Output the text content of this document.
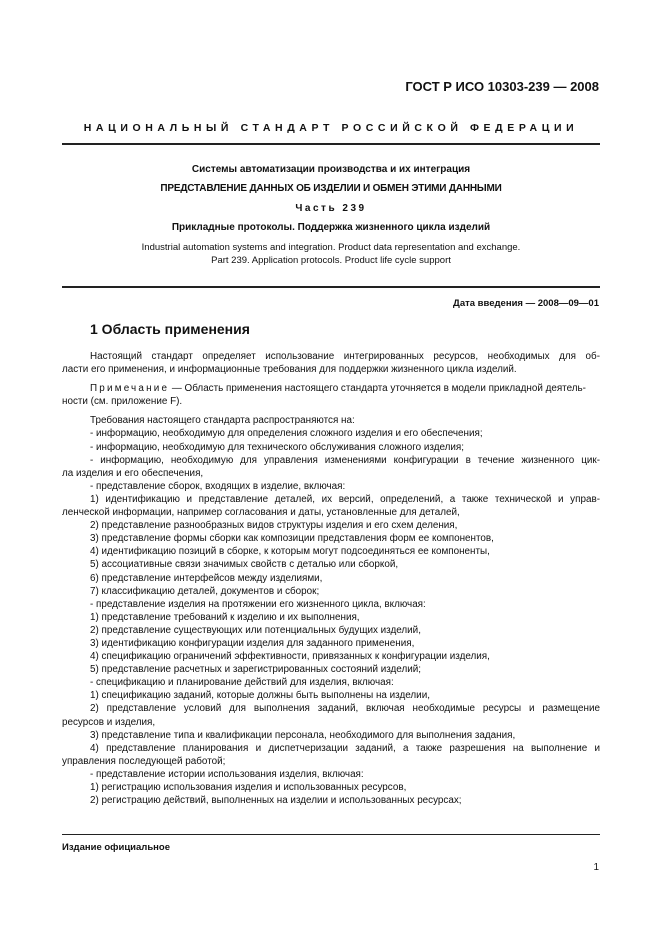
ГОСТ Р ИСО 10303-239 — 2008
НАЦИОНАЛЬНЫЙ СТАНДАРТ РОССИЙСКОЙ ФЕДЕРАЦИИ
Системы автоматизации производства и их интеграция
ПРЕДСТАВЛЕНИЕ ДАННЫХ ОБ ИЗДЕЛИИ И ОБМЕН ЭТИМИ ДАННЫМИ
Часть 239
Прикладные протоколы. Поддержка жизненного цикла изделий
Industrial automation systems and integration. Product data representation and exchange.
Part 239. Application protocols. Product life cycle support
Дата введения — 2008—09—01
1 Область применения

Настоящий стандарт определяет использование интегрированных ресурсов, необходимых для об-

ласти его применения, и информационные требования для поддержки жизненного цикла изделий.

Примечание — Область применения настоящего стандарта уточняется в модели прикладной деятель-

ности (см. приложение F).

Требования настоящего стандарта распространяются на:

- информацию, необходимую для определения сложного изделия и его обеспечения;

- информацию, необходимую для технического обслуживания сложного изделия;

- информацию, необходимую для управления изменениями конфигурации в течение жизненного цик-

ла изделия и его обеспечения,

- представление сборок, входящих в изделие, включая:

1) идентификацию и представление деталей, их версий, определений, а также технической и управ-

ленческой информации, например согласования и даты, установленные для деталей,

2) представление разнообразных видов структуры изделия и его схем деления,

3) представление формы сборки как композиции представления форм ее компонентов,

4) идентификацию позиций в сборке, к которым могут подсоединяться ее компоненты,

5) ассоциативные связи значимых свойств с деталью или сборкой,

6) представление интерфейсов между изделиями,

7) классификацию деталей, документов и сборок;

- представление изделия на протяжении его жизненного цикла, включая:

1) представление требований к изделию и их выполнения,

2) представление существующих или потенциальных будущих изделий,

3) идентификацию конфигурации изделия для заданного применения,

4) спецификацию ограничений эффективности, привязанных к конфигурации изделия,

5) представление расчетных и зарегистрированных состояний изделий;

- спецификацию и планирование действий для изделия, включая:

1) спецификацию заданий, которые должны быть выполнены на изделии,

2) представление условий для выполнения заданий, включая необходимые ресурсы и размещение

ресурсов и изделия,

3) представление типа и квалификации персонала, необходимого для выполнения задания,

4) представление планирования и диспетчеризации заданий, а также разрешения на выполнение и

управления последующей работой;

- представление истории использования изделия, включая:

1) регистрацию использования изделия и использованных ресурсов,

2) регистрацию действий, выполненных на изделии и использованных ресурсах;

Издание официальное
1
